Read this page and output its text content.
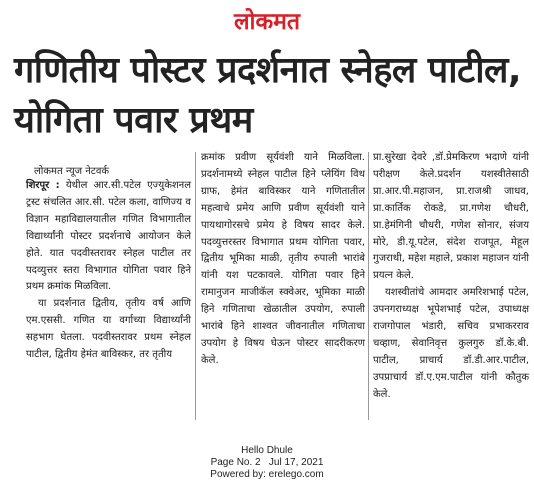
लोकमत
गणितीय पोस्टर प्रदर्शनात स्नेहल पाटील, योगिता पवार प्रथम
लोकमत न्यूज नेटवर्क

शिरपूर : येथील आर.सी.पटेल एज्युकेशनल ट्रस्ट संचलित आर.सी. पटेल कला, वाणिज्य व विज्ञान महाविद्यालयातील गणित विभागातील विद्यार्थ्यांनी पोस्टर प्रदर्शनाचे आयोजन केले होते. यात पदवीस्तरावर स्नेहल पाटील तर पदव्युत्तर स्तरा विभागात योगिता पवार हिने प्रथम क्रमांक मिळविला.

या प्रदर्शनात द्वितीय, तृतीय वर्ष आणि एम.एससी. गणित या वर्गाच्या विद्यार्थ्यांनी सहभाग घेतला. पदवीस्तरावर प्रथम स्नेहल पाटील, द्वितीय हेमंत बाविस्कर, तर तृतीय

क्रमांक प्रवीण सूर्यवंशी याने मिळविला. प्रदर्शनामध्ये स्नेहल पाटील हिने प्लेयिंग विथ ग्राफ, हेमंत बाविस्कर याने गणितातील महत्वाचे प्रमेय आणि प्रवीण सूर्यवंशी याने पायथागोरसचे प्रमेय हे विषय सादर केले. पदव्युत्तरस्तर विभागात प्रथम योगिता पवार, द्वितीय भूमिका माळी, तृतीय रुपाली भारांबे यांनी यश पटकावले. योगिता पवार हिने रामानुजन माजीकॅल स्क्वेअर, भूमिका माळी हिने गणिताचा खेळातील उपयोग, रुपाली भारांबे हिने शाश्वत जीवनातील गणिताचा उपयोग हे विषय घेऊन पोस्टर सादरीकरण केले.

प्रा.सुरेखा देवरे ,डॉ.प्रेमकिरण भदाणे यांनी परीक्षण केले.प्रदर्शन यशस्वीतेसाठी प्रा.आर.पी.महाजन, प्रा.राजश्री जाधव, प्रा.कार्तिक रोकडे, प्रा.गणेश चौधरी, प्रा.हेमंगिनी चौधरी, गणेश सोनार, संजय मोरे, डी.यू.पटेल, संदेश राजपूत, मेहूल गुजराथी, महेश महाले, प्रकाश महाजन यांनी प्रयत्न केले.

यशस्वीतांचे आमदार अमरिशभाई पटेल, उपनगराध्यक्ष भूपेशभाई पटेल, उपाध्यक्ष राजगोपाल भंडारी, सचिव प्रभाकरराव चव्हाण, सेवानिवृत्त कुलगुरु डॉ.के.बी. पाटील, प्राचार्य डॉ.डी.आर.पाटील, उपप्राचार्य डॉ.ए.एम.पाटील यांनी कौतुक केले.

Hello Dhule
Page No. 2   Jul 17, 2021
Powered by: erelego.com
